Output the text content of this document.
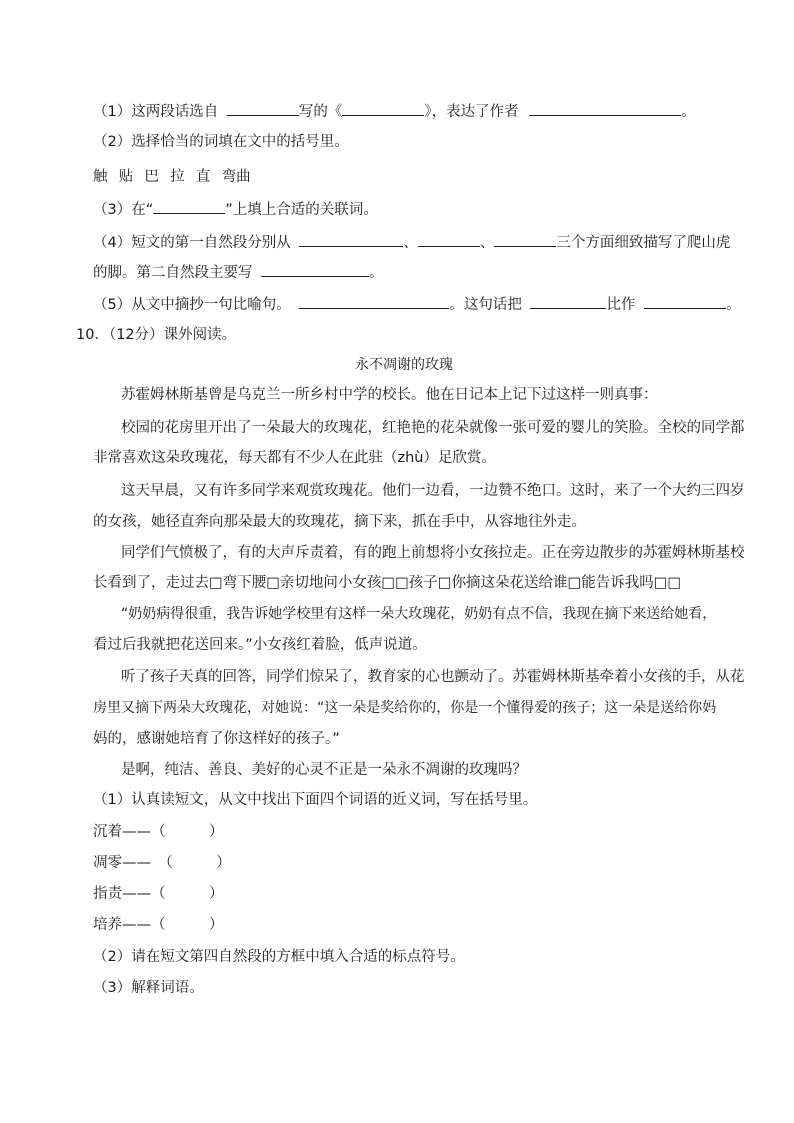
（1）这两段话选自	写的《	》，表达了作者	。
（2）选择恰当的词填在文中的括号里。
触  贴  巴  拉  直  弯曲
（3）在“	”上填上合适的关联词。
（4）短文的第一自然段分别从	、	、	三个方面细致描写了爬山虎
的脚。第二自然段主要写	。
（5）从文中摘抄一句比喻句。	。这句话把	比作	。
10．（12分）课外阅读。
永不凋谢的玫瑰
苏霍姆林斯基曾是乌克兰一所乡村中学的校长。他在日记本上记下过这样一则真事：
校园的花房里开出了一朵最大的玫瑰花，红艳艳的花朵就像一张可爱的婴儿的笑脸。全校的同学都
非常喜欢这朵玫瑰花，每天都有不少人在此驻（zhù）足欣赏。
这天早晨，又有许多同学来观赏玫瑰花。他们一边看，一边赞不绝口。这时，来了一个大约三四岁
的女孩，她径直奔向那朵最大的玫瑰花，摘下来，抓在手中，从容地往外走。
同学们气愤极了，有的大声斥责着，有的跑上前想将小女孩拉走。正在旁边散步的苏霍姆林斯基校
长看到了，走过去□弯下腰□亲切地问小女孩□□孩子□你摘这朵花送给谁□能告诉我吗□□
“奶奶病得很重，我告诉她学校里有这样一朵大玫瑰花，奶奶有点不信，我现在摘下来送给她看，
看过后我就把花送回来。”小女孩红着脸，低声说道。
听了孩子天真的回答，同学们惊呆了，教育家的心也颤动了。苏霍姆林斯基牵着小女孩的手，从花
房里又摘下两朵大玫瑰花，对她说：“这一朵是奖给你的，你是一个懂得爱的孩子；这一朵是送给你妈
妈的，感谢她培育了你这样好的孩子。”
是啊，纯洁、善良、美好的心灵不正是一朵永不凋谢的玫瑰吗？
（1）认真读短文，从文中找出下面四个词语的近义词，写在括号里。
沉着——（　　　）
凋零——　（　　　）
指责——（　　　）
培养——（　　　）
（2）请在短文第四自然段的方框中填入合适的标点符号。
（3）解释词语。
